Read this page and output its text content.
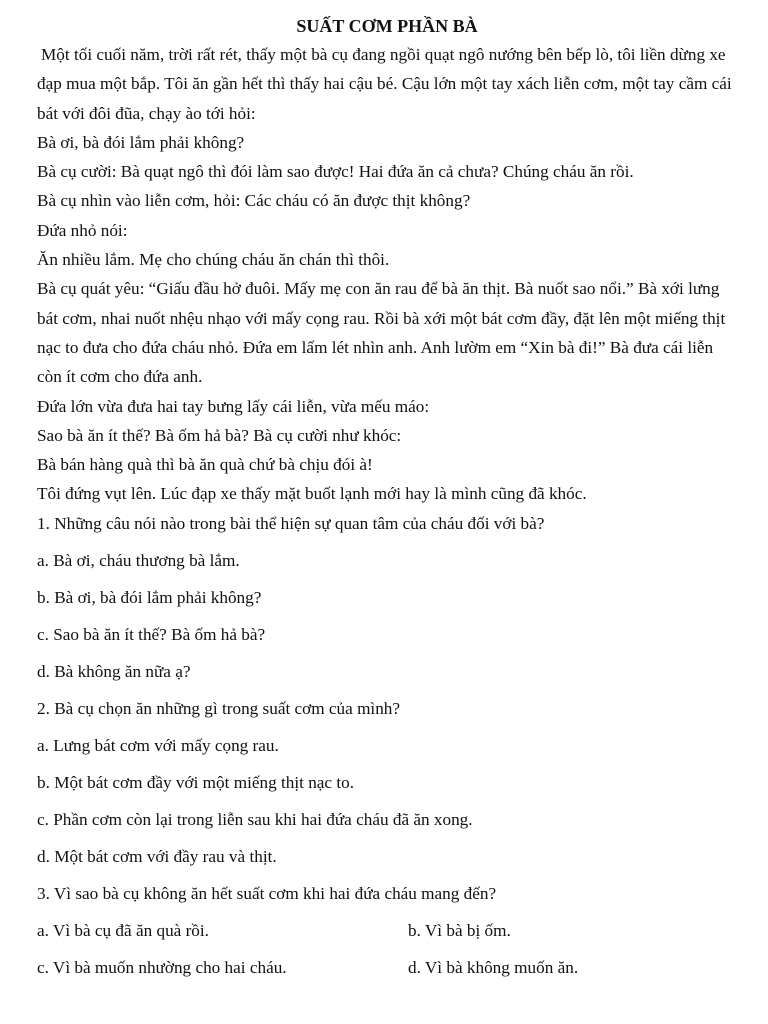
SUẤT CƠM PHẦN BÀ

Một tối cuối năm, trời rất rét, thấy một bà cụ đang ngồi quạt ngô nướng bên bếp lò, tôi liền dừng xe đạp mua một bắp. Tôi ăn gần hết thì thấy hai cậu bé. Cậu lớn một tay xách liễn cơm, một tay cầm cái bát với đôi đũa, chạy ào tới hỏi:

Bà ơi, bà đói lắm phải không?

Bà cụ cười: Bà quạt ngô thì đói làm sao được! Hai đứa ăn cả chưa? Chúng cháu ăn rồi.

Bà cụ nhìn vào liễn cơm, hỏi: Các cháu có ăn được thịt không?

Đứa nhỏ nói:

Ăn nhiều lắm. Mẹ cho chúng cháu ăn chán thì thôi.

Bà cụ quát yêu: “Giấu đầu hở đuôi. Mấy mẹ con ăn rau để bà ăn thịt. Bà nuốt sao nổi.” Bà xới lưng bát cơm, nhai nuốt nhệu nhạo với mấy cọng rau. Rồi bà xới một bát cơm đầy, đặt lên một miếng thịt nạc to đưa cho đứa cháu nhỏ. Đứa em lấm lét nhìn anh. Anh lườm em “Xin bà đi!” Bà đưa cái liễn còn ít cơm cho đứa anh.

Đứa lớn vừa đưa hai tay bưng lấy cái liễn, vừa mếu máo:

Sao bà ăn ít thế? Bà ốm hả bà? Bà cụ cười như khóc:

Bà bán hàng quà thì bà ăn quà chứ bà chịu đói à!

Tôi đứng vụt lên. Lúc đạp xe thấy mặt buốt lạnh mới hay là mình cũng đã khóc.

1. Những câu nói nào trong bài thể hiện sự quan tâm của cháu đối với bà?
a. Bà ơi, cháu thương bà lắm.
b. Bà ơi, bà đói lắm phải không?
c. Sao bà ăn ít thế? Bà ốm hả bà?
d. Bà không ăn nữa ạ?
2. Bà cụ chọn ăn những gì trong suất cơm của mình?
a. Lưng bát cơm với mấy cọng rau.
b. Một bát cơm đầy với một miếng thịt nạc to.
c. Phần cơm còn lại trong liễn sau khi hai đứa cháu đã ăn xong.
d. Một bát cơm với đầy rau và thịt.
3. Vì sao bà cụ không ăn hết suất cơm khi hai đứa cháu mang đến?
a. Vì bà cụ đã ăn quà rồi.	b. Vì bà bị ốm.
c. Vì bà muốn nhường cho hai cháu.	d. Vì bà không muốn ăn.
